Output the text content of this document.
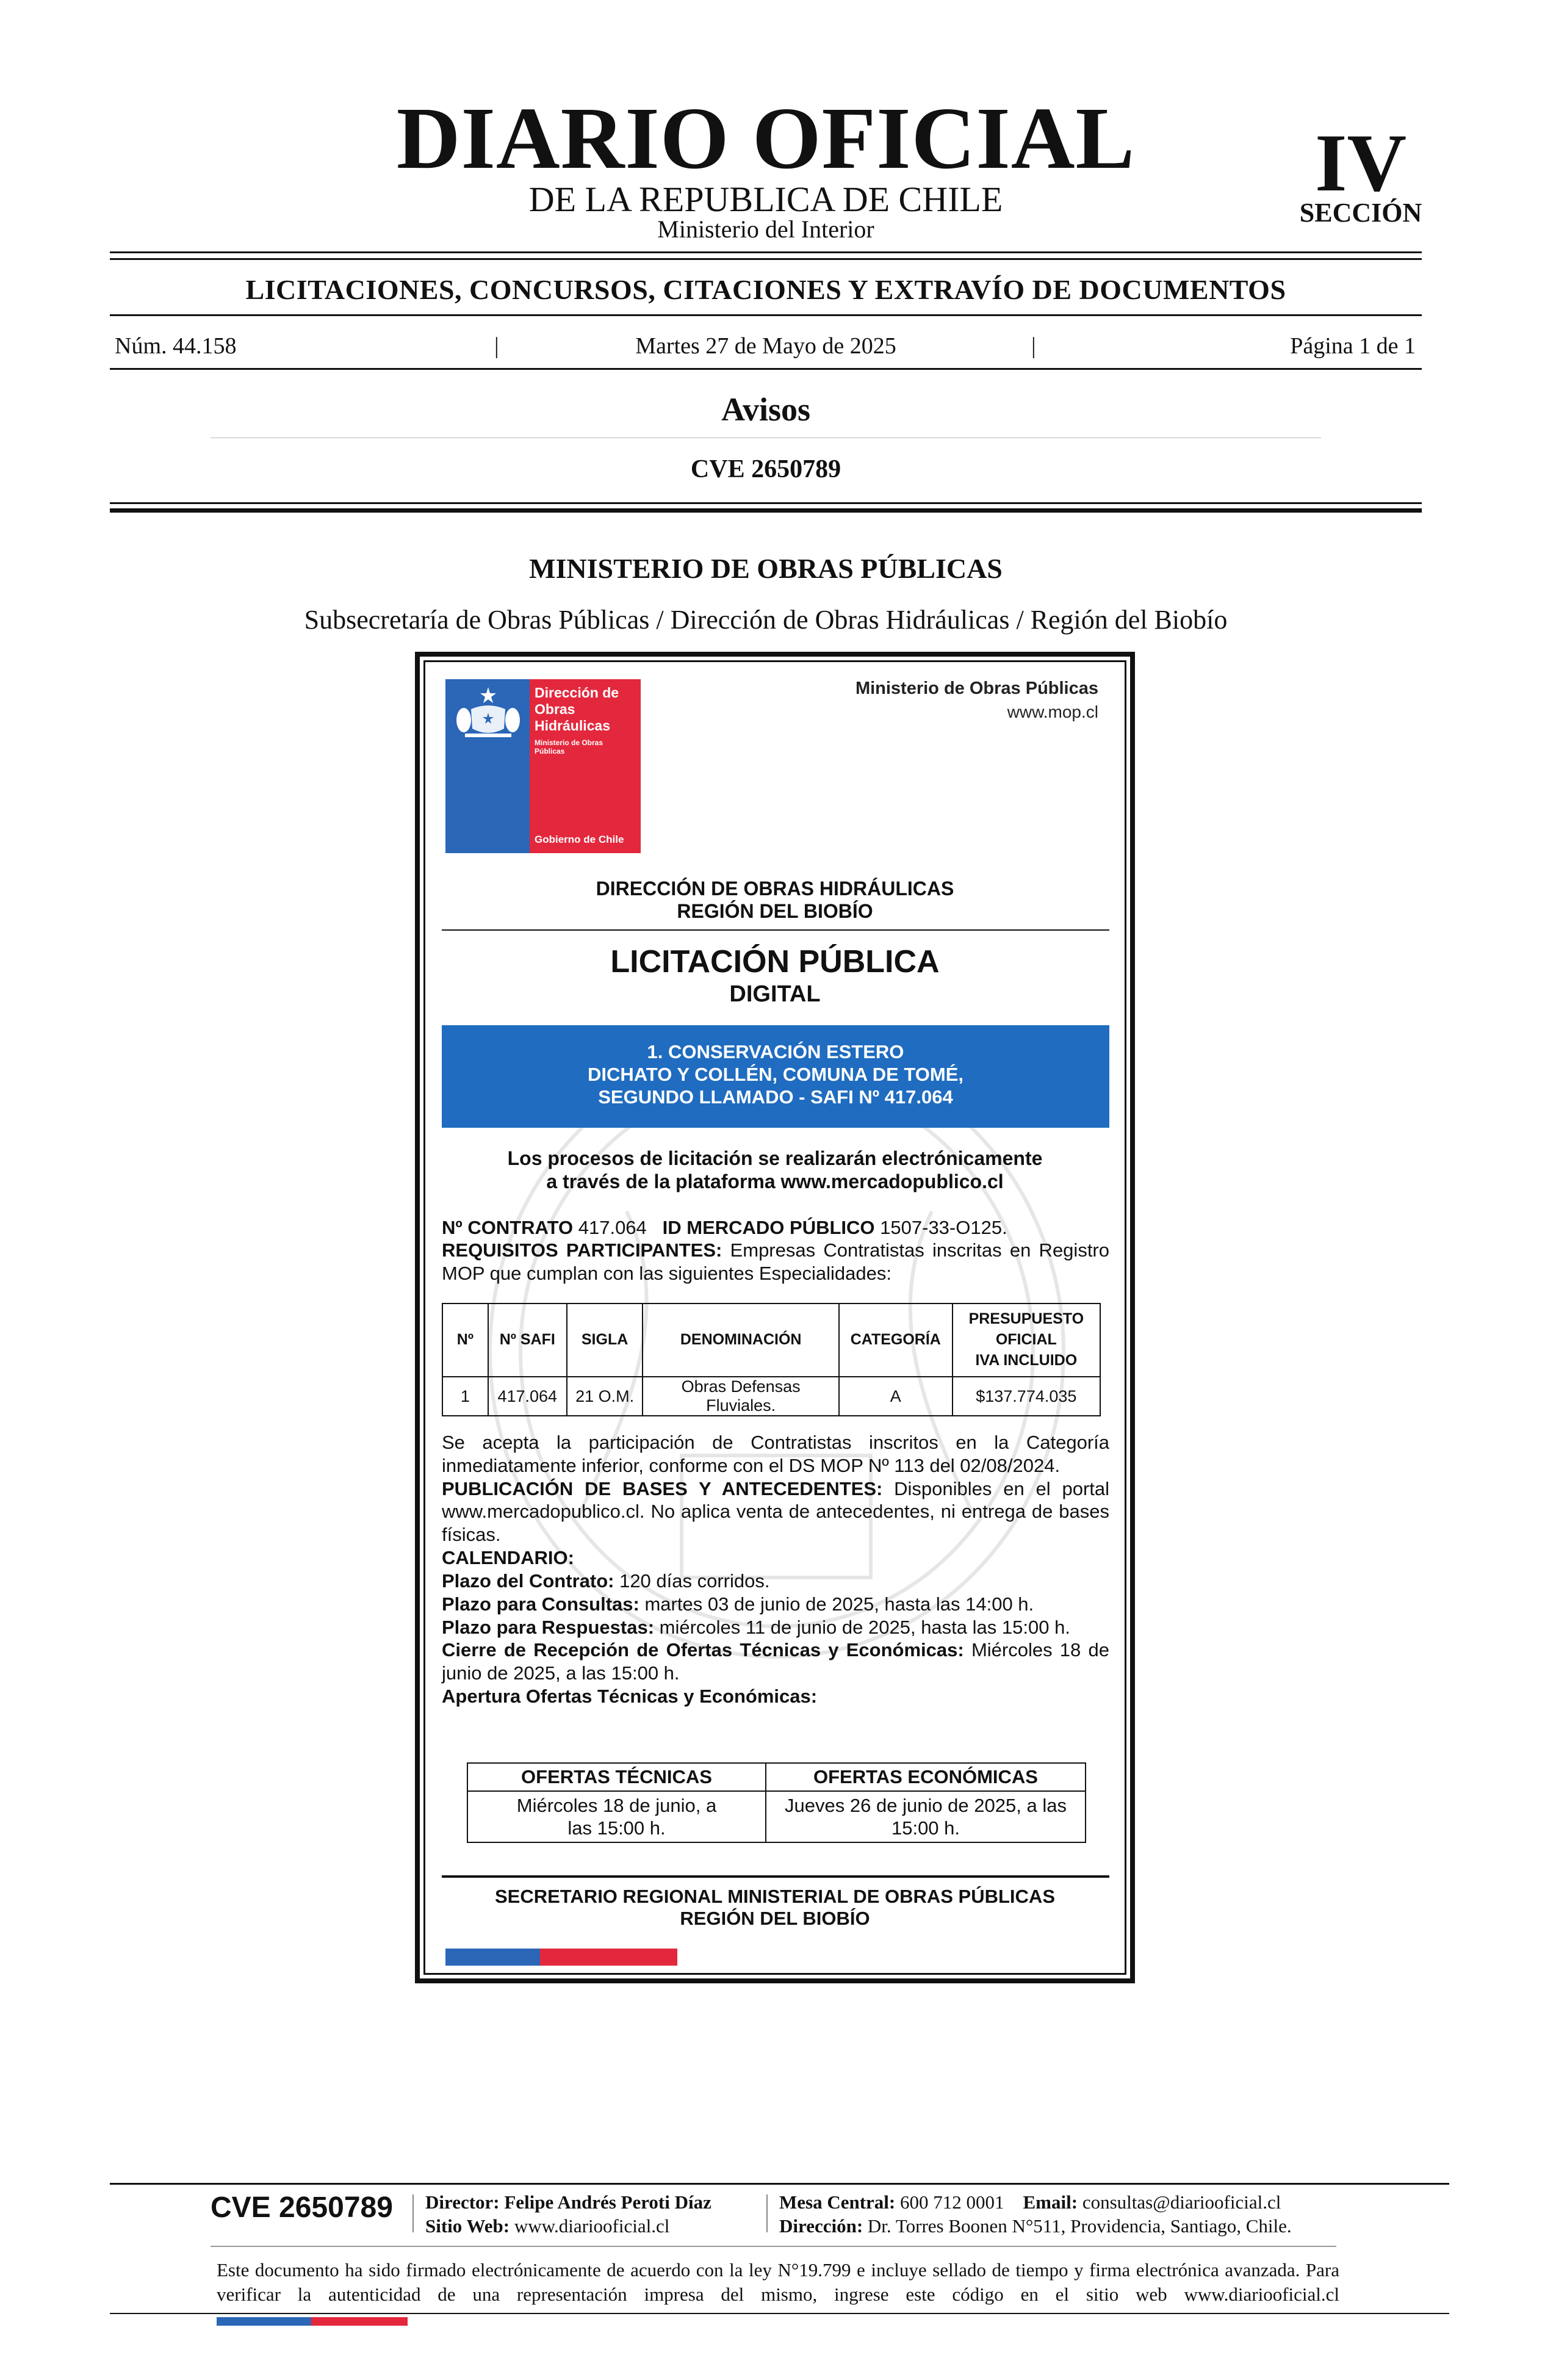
DIARIO OFICIAL
DE LA REPUBLICA DE CHILE
Ministerio del Interior
IV
SECCIÓN
LICITACIONES, CONCURSOS, CITACIONES Y EXTRAVÍO DE DOCUMENTOS
Núm. 44.158	|	Martes 27 de Mayo de 2025	|	Página 1 de 1
Avisos
CVE 2650789
MINISTERIO DE OBRAS PÚBLICAS
Subsecretaría de Obras Públicas / Dirección de Obras Hidráulicas / Región del Biobío
Dirección de
Obras
Hidráulicas
Ministerio de Obras
Públicas
Gobierno de Chile
Ministerio de Obras Públicas
www.mop.cl
DIRECCIÓN DE OBRAS HIDRÁULICAS
REGIÓN DEL BIOBÍO
LICITACIÓN PÚBLICA
DIGITAL
1. CONSERVACIÓN ESTERO
DICHATO Y COLLÉN, COMUNA DE TOMÉ,
SEGUNDO LLAMADO - SAFI Nº 417.064
Los procesos de licitación se realizarán electrónicamente
a través de la plataforma www.mercadopublico.cl
Nº CONTRATO 417.064 ID MERCADO PÚBLICO 1507-33-O125.
REQUISITOS PARTICIPANTES: Empresas Contratistas inscritas en Registro MOP que cumplan con las siguientes Especialidades:
Nº	Nº SAFI	SIGLA	DENOMINACIÓN	CATEGORÍA	PRESUPUESTO
OFICIAL
IVA INCLUIDO

1	417.064	21 O.M.	Obras Defensas Fluviales.	A	$137.774.035
Se acepta la participación de Contratistas inscritos en la Categoría inmediatamente inferior, conforme con el DS MOP Nº 113 del 02/08/2024.
PUBLICACIÓN DE BASES Y ANTECEDENTES: Disponibles en el portal www.mercadopublico.cl. No aplica venta de antecedentes, ni entrega de bases físicas.
CALENDARIO:
Plazo del Contrato: 120 días corridos.
Plazo para Consultas: martes 03 de junio de 2025, hasta las 14:00 h.
Plazo para Respuestas: miércoles 11 de junio de 2025, hasta las 15:00 h.
Cierre de Recepción de Ofertas Técnicas y Económicas: Miércoles 18 de junio de 2025, a las 15:00 h.
Apertura Ofertas Técnicas y Económicas:
OFERTAS TÉCNICAS	OFERTAS ECONÓMICAS
Miércoles 18 de junio, a las 15:00 h.	Jueves 26 de junio de 2025, a las 15:00 h.
SECRETARIO REGIONAL MINISTERIAL DE OBRAS PÚBLICAS
REGIÓN DEL BIOBÍO
CVE 2650789	Director: Felipe Andrés Peroti Díaz
Sitio Web: www.diariooficial.cl
Mesa Central: 600 712 0001 Email: consultas@diariooficial.cl
Dirección: Dr. Torres Boonen N°511, Providencia, Santiago, Chile.
Este documento ha sido firmado electrónicamente de acuerdo con la ley N°19.799 e incluye sellado de tiempo y firma electrónica avanzada. Para verificar la autenticidad de una representación impresa del mismo, ingrese este código en el sitio web www.diariooficial.cl
